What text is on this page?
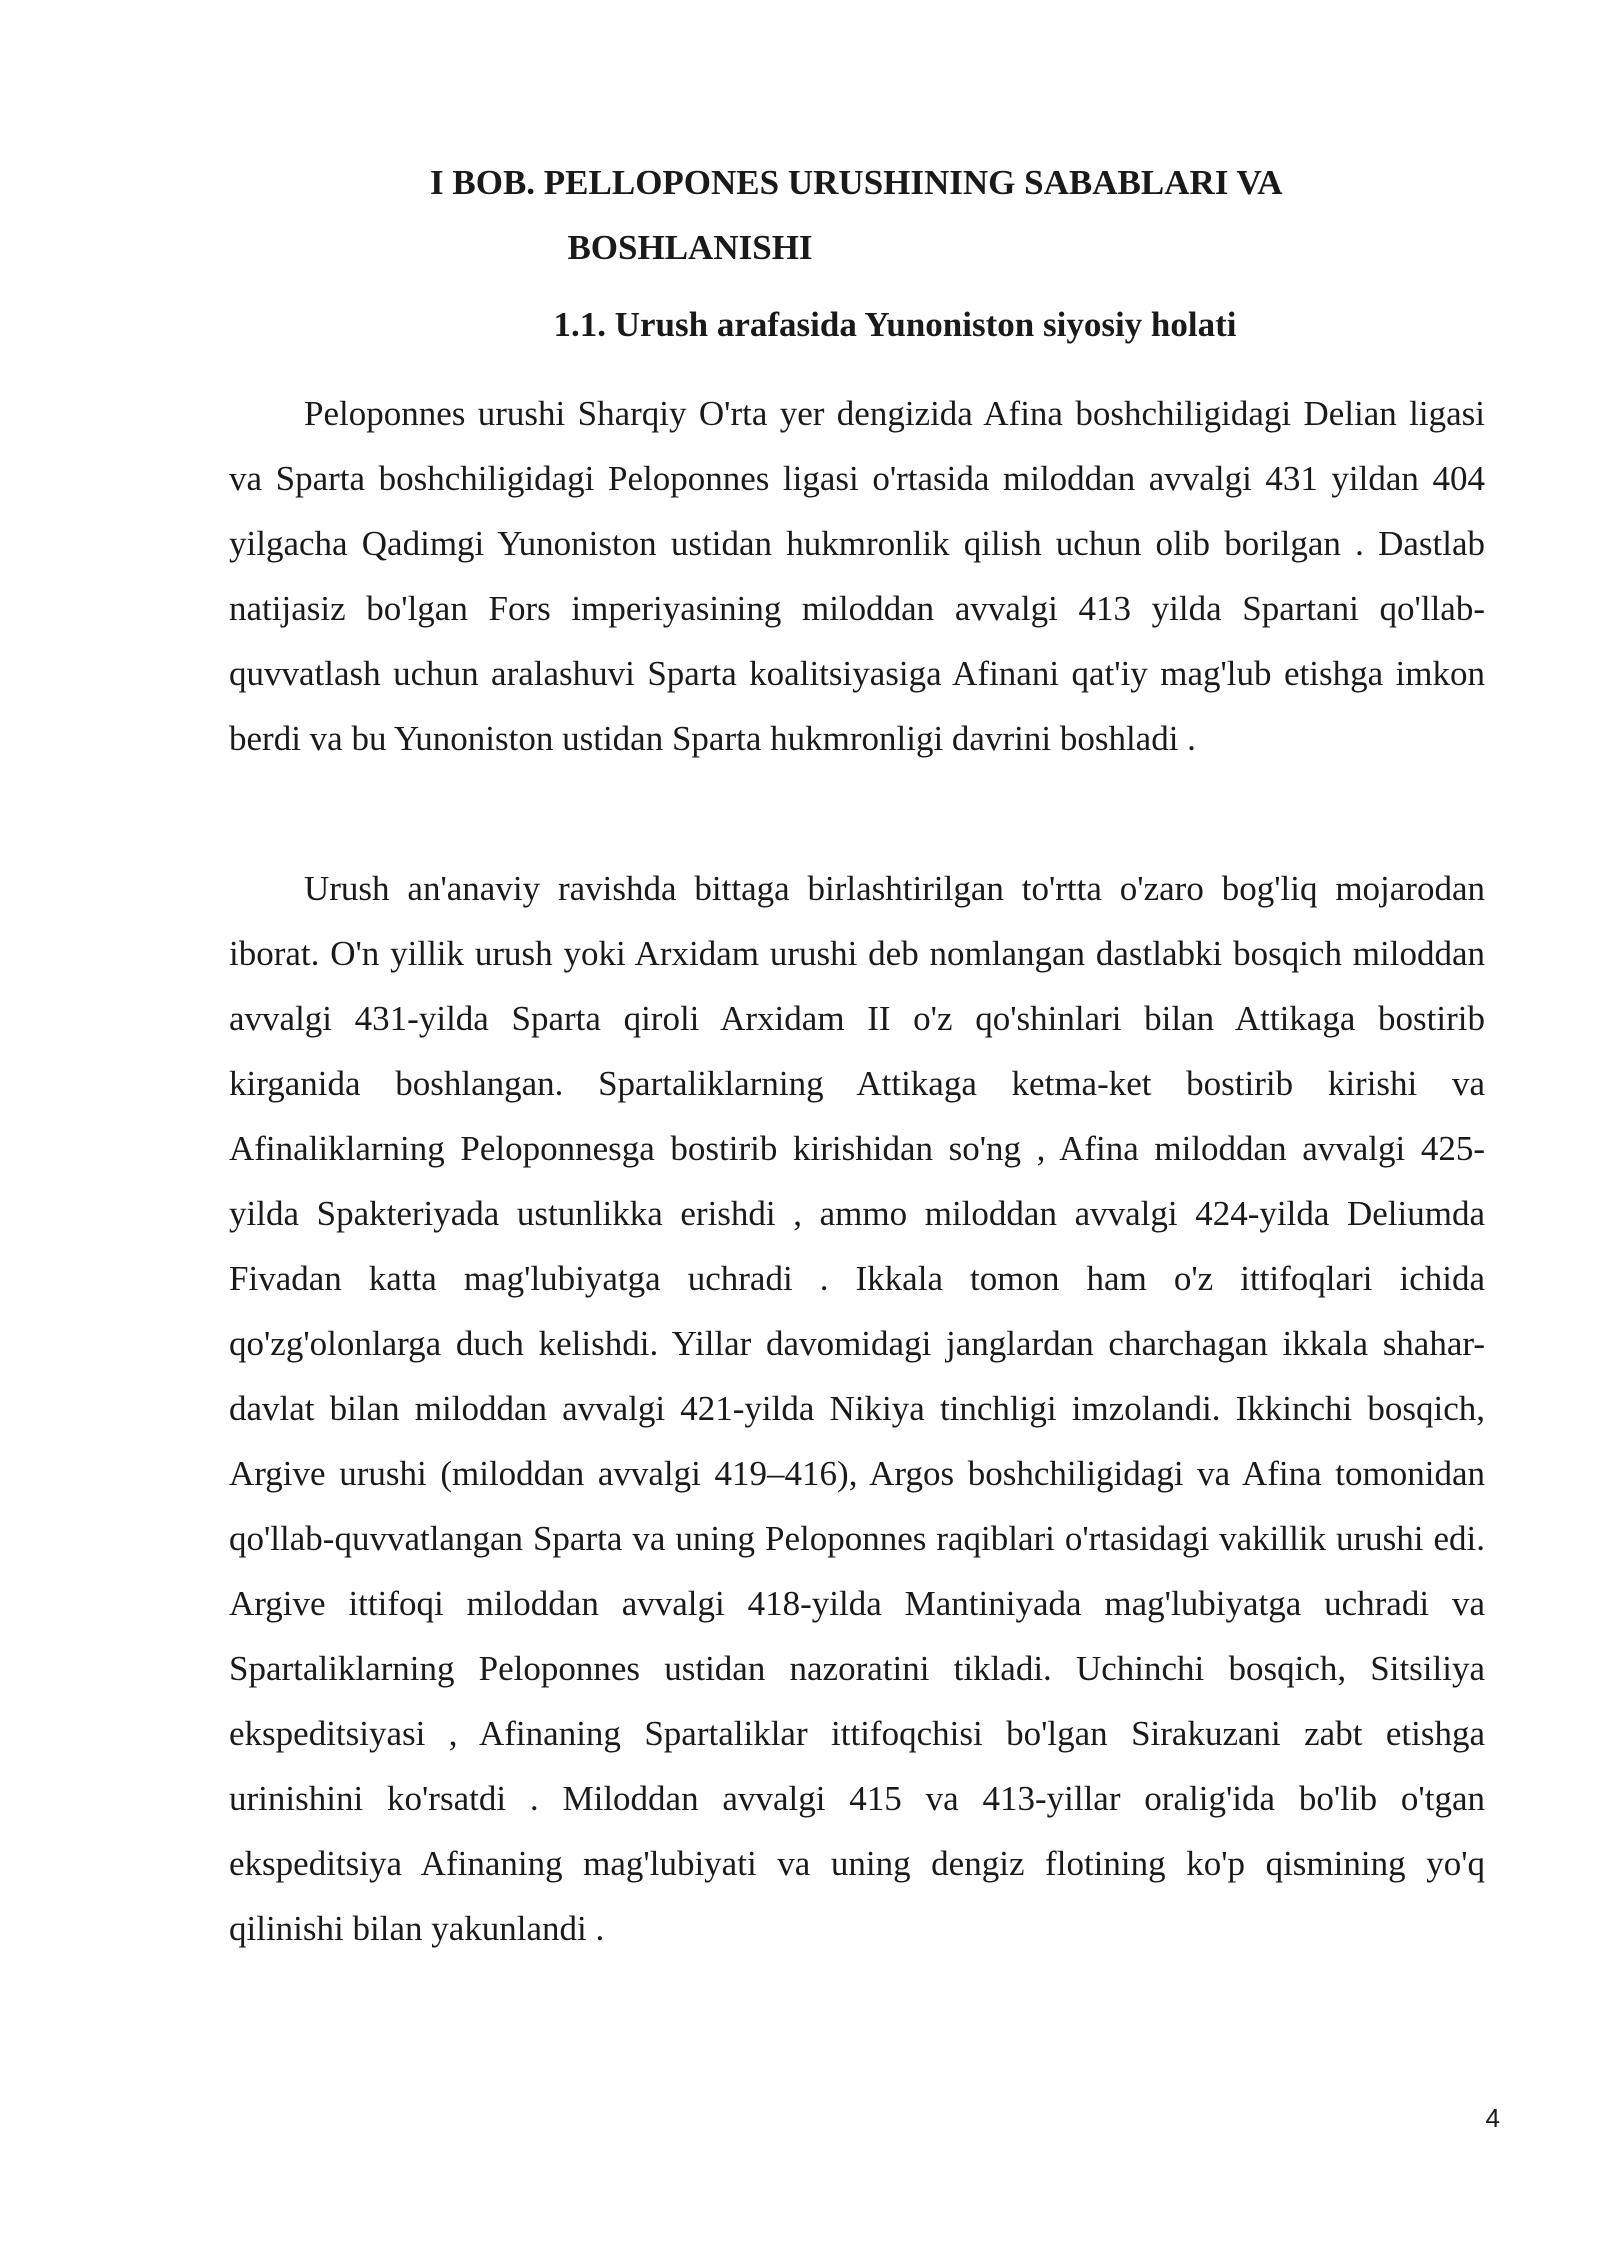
I BOB. PELLOPONES URUSHINING SABABLARI VA
BOSHLANISHI
1.1. Urush arafasida Yunoniston siyosiy holati

Peloponnes urushi Sharqiy O'rta yer dengizida Afina boshchiligidagi Delian ligasi va Sparta boshchiligidagi Peloponnes ligasi o'rtasida miloddan avvalgi 431 yildan 404 yilgacha Qadimgi Yunoniston ustidan hukmronlik qilish uchun olib borilgan . Dastlab natijasiz bo'lgan Fors imperiyasining miloddan avvalgi 413 yilda Spartani qo'llab-quvvatlash uchun aralashuvi Sparta koalitsiyasiga Afinani qat'iy mag'lub etishga imkon berdi va bu Yunoniston ustidan Sparta hukmronligi davrini boshladi .

Urush an'anaviy ravishda bittaga birlashtirilgan to'rtta o'zaro bog'liq mojarodan iborat. O'n yillik urush yoki Arxidam urushi deb nomlangan dastlabki bosqich miloddan avvalgi 431-yilda Sparta qiroli Arxidam II o'z qo'shinlari bilan Attikaga bostirib kirganida boshlangan. Spartaliklarning Attikaga ketma-ket bostirib kirishi va Afinaliklarning Peloponnesga bostirib kirishidan so'ng , Afina miloddan avvalgi 425-yilda Spakteriyada ustunlikka erishdi , ammo miloddan avvalgi 424-yilda Deliumda Fivadan katta mag'lubiyatga uchradi . Ikkala tomon ham o'z ittifoqlari ichida qo'zg'olonlarga duch kelishdi. Yillar davomidagi janglardan charchagan ikkala shahar-davlat bilan miloddan avvalgi 421-yilda Nikiya tinchligi imzolandi. Ikkinchi bosqich, Argive urushi (miloddan avvalgi 419–416), Argos boshchiligidagi va Afina tomonidan qo'llab-quvvatlangan Sparta va uning Peloponnes raqiblari o'rtasidagi vakillik urushi edi. Argive ittifoqi miloddan avvalgi 418-yilda Mantiniyada mag'lubiyatga uchradi va Spartaliklarning Peloponnes ustidan nazoratini tikladi. Uchinchi bosqich, Sitsiliya ekspeditsiyasi , Afinaning Spartaliklar ittifoqchisi bo'lgan Sirakuzani zabt etishga urinishini ko'rsatdi . Miloddan avvalgi 415 va 413-yillar oralig'ida bo'lib o'tgan ekspeditsiya Afinaning mag'lubiyati va uning dengiz flotining ko'p qismining yo'q qilinishi bilan yakunlandi .

4
